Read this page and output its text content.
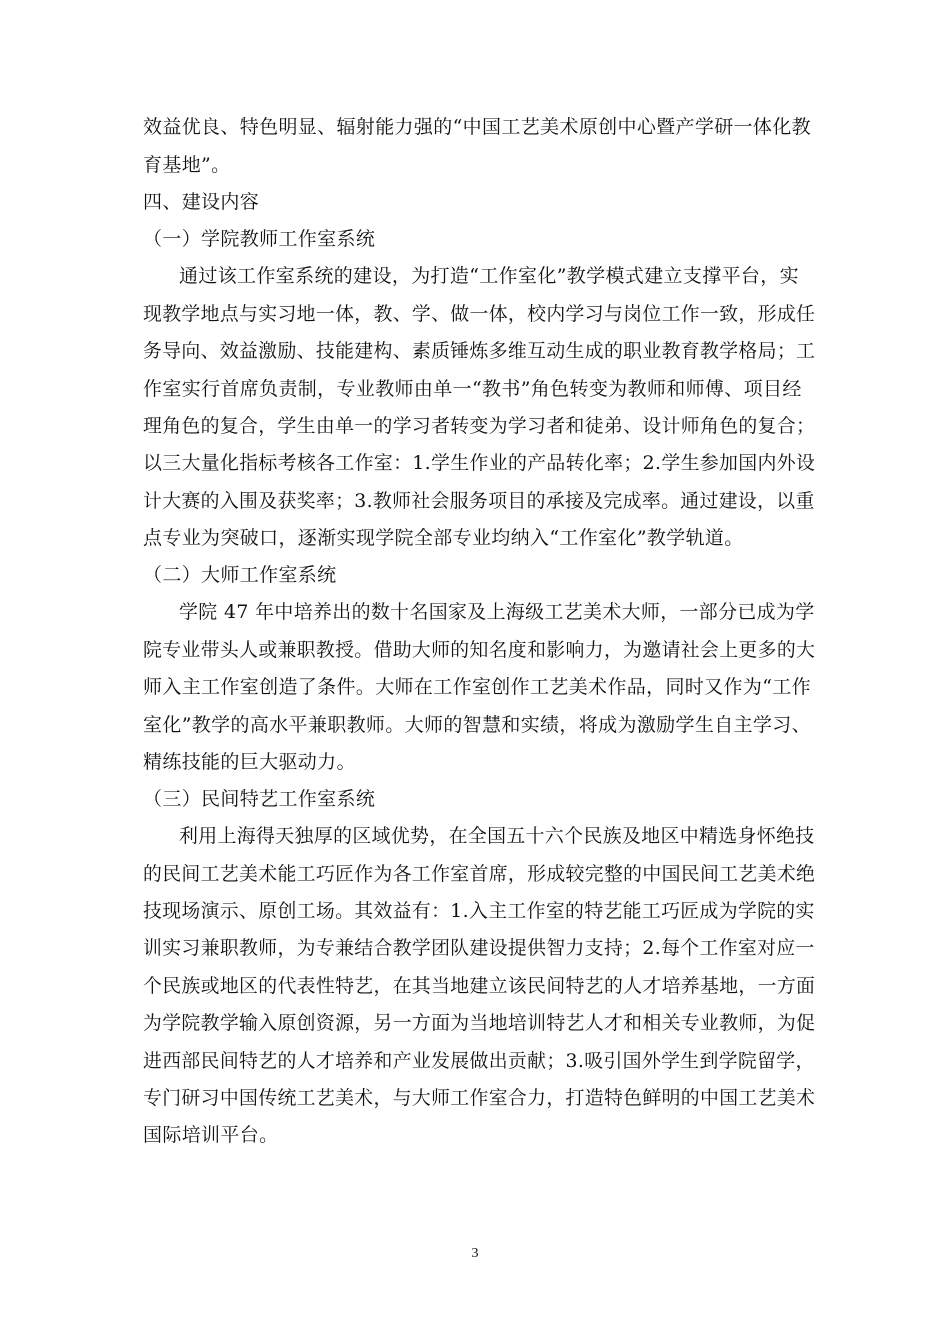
效益优良、特色明显、辐射能力强的“中国工艺美术原创中心暨产学研一体化教
育基地”。
四、建设内容
（一）学院教师工作室系统
通过该工作室系统的建设，为打造“工作室化”教学模式建立支撑平台，实
现教学地点与实习地一体，教、学、做一体，校内学习与岗位工作一致，形成任
务导向、效益激励、技能建构、素质锤炼多维互动生成的职业教育教学格局；工
作室实行首席负责制，专业教师由单一“教书”角色转变为教师和师傅、项目经
理角色的复合，学生由单一的学习者转变为学习者和徒弟、设计师角色的复合；
以三大量化指标考核各工作室：1.学生作业的产品转化率；2.学生参加国内外设
计大赛的入围及获奖率；3.教师社会服务项目的承接及完成率。通过建设，以重
点专业为突破口，逐渐实现学院全部专业均纳入“工作室化”教学轨道。
（二）大师工作室系统
学院 47 年中培养出的数十名国家及上海级工艺美术大师，一部分已成为学
院专业带头人或兼职教授。借助大师的知名度和影响力，为邀请社会上更多的大
师入主工作室创造了条件。大师在工作室创作工艺美术作品，同时又作为“工作
室化”教学的高水平兼职教师。大师的智慧和实绩，将成为激励学生自主学习、
精练技能的巨大驱动力。
（三）民间特艺工作室系统
利用上海得天独厚的区域优势，在全国五十六个民族及地区中精选身怀绝技
的民间工艺美术能工巧匠作为各工作室首席，形成较完整的中国民间工艺美术绝
技现场演示、原创工场。其效益有：1.入主工作室的特艺能工巧匠成为学院的实
训实习兼职教师，为专兼结合教学团队建设提供智力支持；2.每个工作室对应一
个民族或地区的代表性特艺，在其当地建立该民间特艺的人才培养基地，一方面
为学院教学输入原创资源，另一方面为当地培训特艺人才和相关专业教师，为促
进西部民间特艺的人才培养和产业发展做出贡献；3.吸引国外学生到学院留学，
专门研习中国传统工艺美术，与大师工作室合力，打造特色鲜明的中国工艺美术
国际培训平台。
3
